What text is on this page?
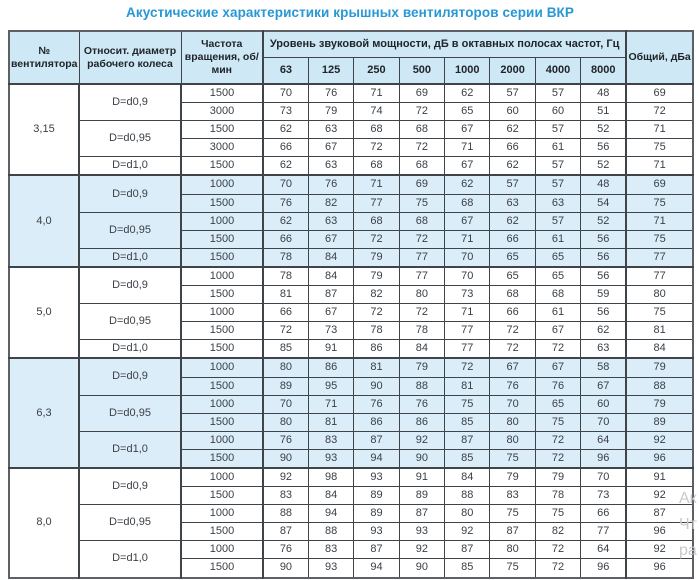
Акустические характеристики крышных вентиляторов серии ВКР
№ вентилятора	Относит. диаметр рабочего колеса	Частота вращения, об/мин	Уровень звуковой мощности, дБ в октавных полосах частот, Гц								Общий, дБа
			63	125	250	500	1000	2000	4000	8000	
3,15	D=d0,9	1500	70	76	71	69	62	57	57	48	69
		3000	73	79	74	72	65	60	60	51	72
	D=d0,95	1500	62	63	68	68	67	62	57	52	71
		3000	66	67	72	72	71	66	61	56	75
	D=d1,0	1500	62	63	68	68	67	62	57	52	71
4,0	D=d0,9	1000	70	76	71	69	62	57	57	48	69
		1500	76	82	77	75	68	63	63	54	75
	D=d0,95	1000	62	63	68	68	67	62	57	52	71
		1500	66	67	72	72	71	66	61	56	75
	D=d1,0	1500	78	84	79	77	70	65	65	56	77
5,0	D=d0,9	1000	78	84	79	77	70	65	65	56	77
		1500	81	87	82	80	73	68	68	59	80
	D=d0,95	1000	66	67	72	72	71	66	61	56	75
		1500	72	73	78	78	77	72	67	62	81
	D=d1,0	1500	85	91	86	84	77	72	72	63	84
6,3	D=d0,9	1000	80	86	81	79	72	67	67	58	79
		1500	89	95	90	88	81	76	76	67	88
	D=d0,95	1000	70	71	76	76	75	70	65	60	79
		1500	80	81	86	86	85	80	75	70	89
	D=d1,0	1000	76	83	87	92	87	80	72	64	92
		1500	90	93	94	90	85	75	72	96	96
8,0	D=d0,9	1000	92	98	93	91	84	79	79	70	91
		1500	83	84	89	89	88	83	78	73	92
	D=d0,95	1000	88	94	89	87	80	75	75	66	87
		1500	87	88	93	93	92	87	82	77	96
	D=d1,0	1000	76	83	87	92	87	80	72	64	92
		1500	90	93	94	90	85	75	72	96	96
Ак
Чт
ра
